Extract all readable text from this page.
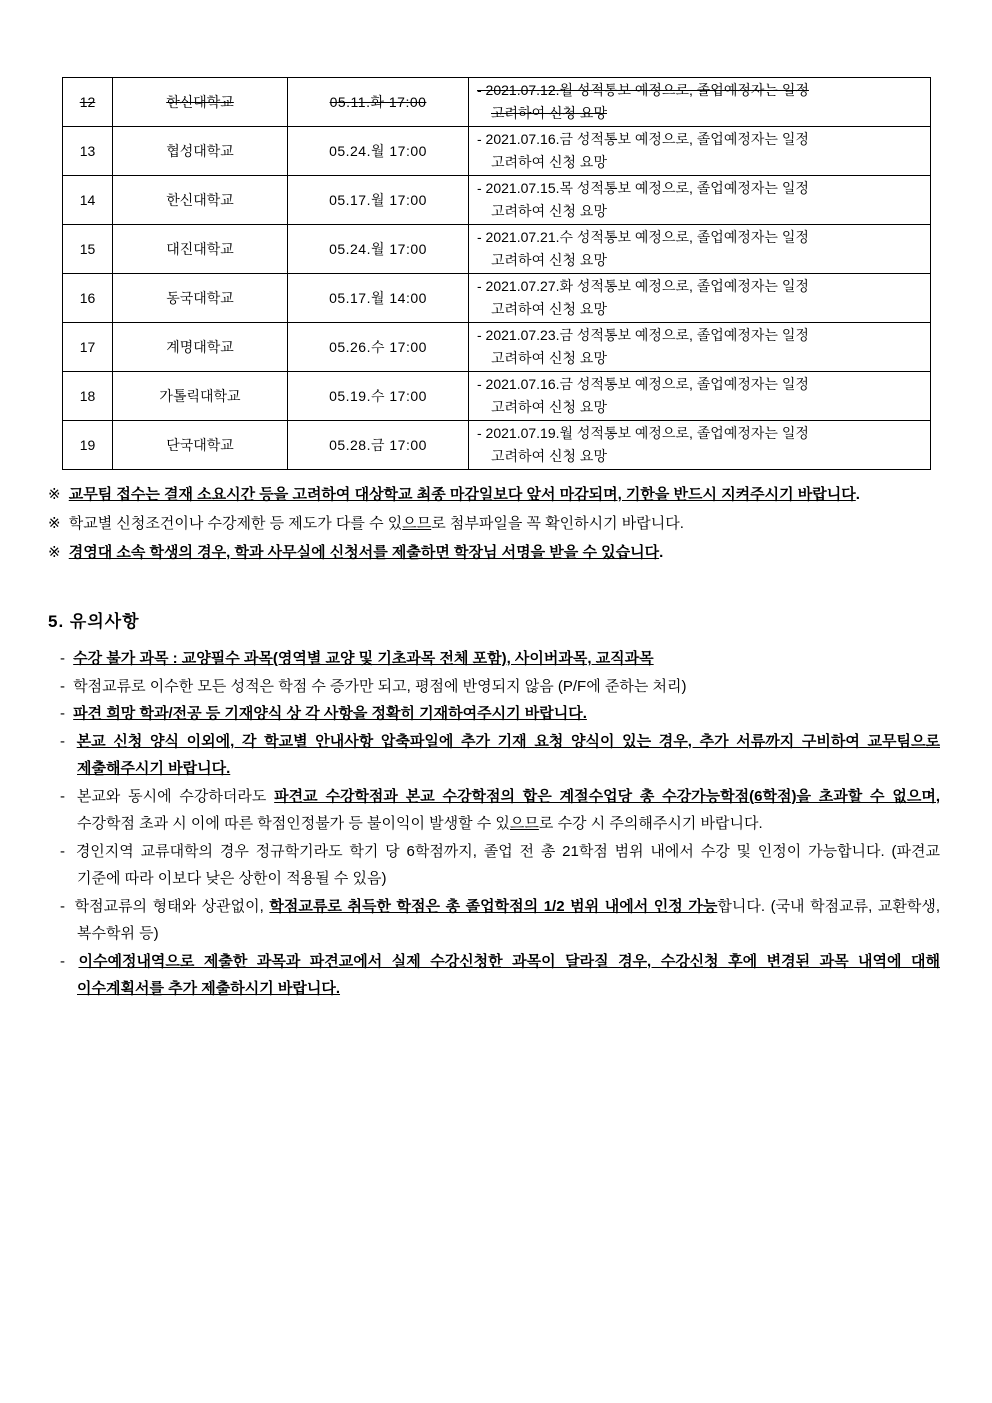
12	한신대학교	05.11.화 17:00	- 2021.07.12.월 성적통보 예정으로, 졸업예정자는 일정
고려하여 신청 요망

13	협성대학교	05.24.월 17:00	- 2021.07.16.금 성적통보 예정으로, 졸업예정자는 일정
고려하여 신청 요망

14	한신대학교	05.17.월 17:00	- 2021.07.15.목 성적통보 예정으로, 졸업예정자는 일정
고려하여 신청 요망

15	대진대학교	05.24.월 17:00	- 2021.07.21.수 성적통보 예정으로, 졸업예정자는 일정
고려하여 신청 요망

16	동국대학교	05.17.월 14:00	- 2021.07.27.화 성적통보 예정으로, 졸업예정자는 일정
고려하여 신청 요망

17	계명대학교	05.26.수 17:00	- 2021.07.23.금 성적통보 예정으로, 졸업예정자는 일정
고려하여 신청 요망

18	가톨릭대학교	05.19.수 17:00	- 2021.07.16.금 성적통보 예정으로, 졸업예정자는 일정
고려하여 신청 요망

19	단국대학교	05.28.금 17:00	- 2021.07.19.월 성적통보 예정으로, 졸업예정자는 일정
고려하여 신청 요망

※ 교무팀 접수는 결재 소요시간 등을 고려하여 대상학교 최종 마감일보다 앞서 마감되며, 기한을 반드시 지켜주시기 바랍니다.

※ 학교별 신청조건이나 수강제한 등 제도가 다를 수 있으므로 첨부파일을 꼭 확인하시기 바랍니다.

※ 경영대 소속 학생의 경우, 학과 사무실에 신청서를 제출하면 학장님 서명을 받을 수 있습니다.

5. 유의사항

- 수강 불가 과목 : 교양필수 과목(영역별 교양 및 기초과목 전체 포함), 사이버과목, 교직과목

- 학점교류로 이수한 모든 성적은 학점 수 증가만 되고, 평점에 반영되지 않음 (P/F에 준하는 처리)

- 파견 희망 학과/전공 등 기재양식 상 각 사항을 정확히 기재하여주시기 바랍니다.

- 본교 신청 양식 이외에, 각 학교별 안내사항 압축파일에 추가 기재 요청 양식이 있는 경우, 추가 서류까지 구비하여 교무팀으로 제출해주시기 바랍니다.

- 본교와 동시에 수강하더라도 파견교 수강학점과 본교 수강학점의 합은 계절수업당 총 수강가능학점(6학점)을 초과할 수 없으며, 수강학점 초과 시 이에 따른 학점인정불가 등 불이익이 발생할 수 있으므로 수강 시 주의해주시기 바랍니다.

- 경인지역 교류대학의 경우 정규학기라도 학기 당 6학점까지, 졸업 전 총 21학점 범위 내에서 수강 및 인정이 가능합니다. (파견교 기준에 따라 이보다 낮은 상한이 적용될 수 있음)

- 학점교류의 형태와 상관없이, 학점교류로 취득한 학점은 총 졸업학점의 1/2 범위 내에서 인정 가능합니다. (국내 학점교류, 교환학생, 복수학위 등)

- 이수예정내역으로 제출한 과목과 파견교에서 실제 수강신청한 과목이 달라질 경우, 수강신청 후에 변경된 과목 내역에 대해 이수계획서를 추가 제출하시기 바랍니다.
